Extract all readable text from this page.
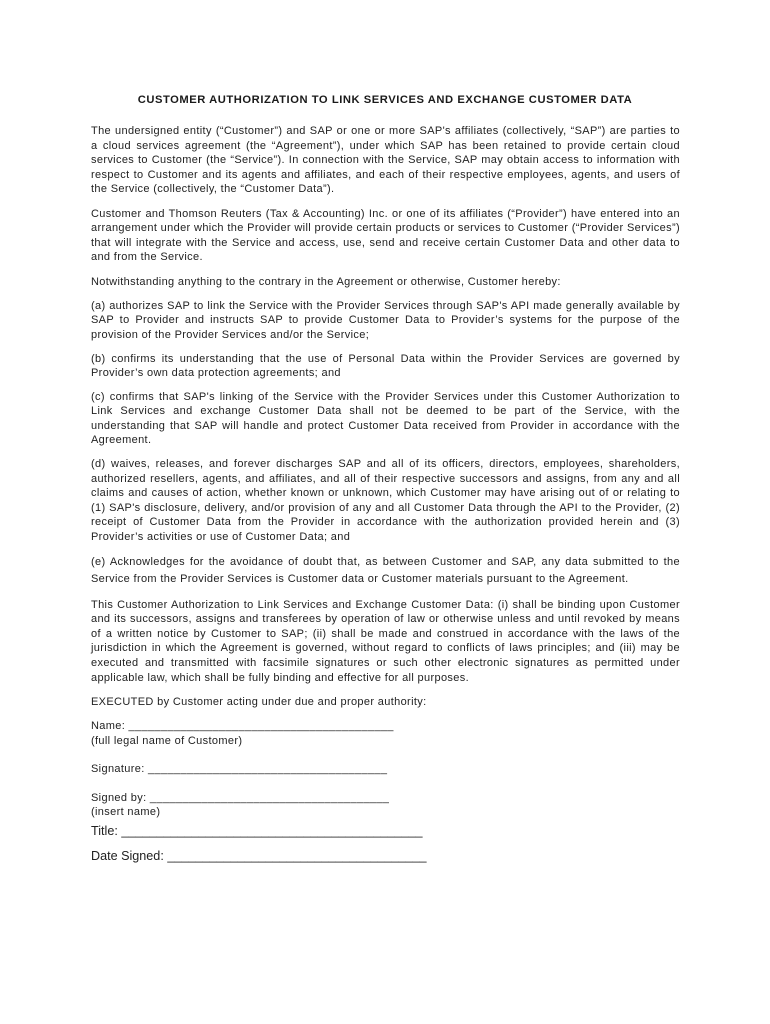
CUSTOMER AUTHORIZATION TO LINK SERVICES AND EXCHANGE CUSTOMER DATA

The undersigned entity (“Customer”) and SAP or one or more SAP's affiliates (collectively, “SAP”) are parties to a cloud services agreement (the “Agreement”), under which SAP has been retained to provide certain cloud services to Customer (the “Service”). In connection with the Service, SAP may obtain access to information with respect to Customer and its agents and affiliates, and each of their respective employees, agents, and users of the Service (collectively, the “Customer Data”).

Customer and Thomson Reuters (Tax & Accounting) Inc. or one of its affiliates (“Provider”) have entered into an arrangement under which the Provider will provide certain products or services to Customer (“Provider Services”) that will integrate with the Service and access, use, send and receive certain Customer Data and other data to and from the Service.

Notwithstanding anything to the contrary in the Agreement or otherwise, Customer hereby:

(a) authorizes SAP to link the Service with the Provider Services through SAP's API made generally available by SAP to Provider and instructs SAP to provide Customer Data to Provider’s systems for the purpose of the provision of the Provider Services and/or the Service;

(b) confirms its understanding that the use of Personal Data within the Provider Services are governed by Provider’s own data protection agreements; and

(c) confirms that SAP's linking of the Service with the Provider Services under this Customer Authorization to Link Services and exchange Customer Data shall not be deemed to be part of the Service, with the understanding that SAP will handle and protect Customer Data received from Provider in accordance with the Agreement.

(d) waives, releases, and forever discharges SAP and all of its officers, directors, employees, shareholders, authorized resellers, agents, and affiliates, and all of their respective successors and assigns, from any and all claims and causes of action, whether known or unknown, which Customer may have arising out of or relating to (1) SAP's disclosure, delivery, and/or provision of any and all Customer Data through the API to the Provider, (2) receipt of Customer Data from the Provider in accordance with the authorization provided herein and (3) Provider’s activities or use of Customer Data; and

(e) Acknowledges for the avoidance of doubt that, as between Customer and SAP, any data submitted to the Service from the Provider Services is Customer data or Customer materials pursuant to the Agreement.

This Customer Authorization to Link Services and Exchange Customer Data: (i) shall be binding upon Customer and its successors, assigns and transferees by operation of law or otherwise unless and until revoked by means of a written notice by Customer to SAP; (ii) shall be made and construed in accordance with the laws of the jurisdiction in which the Agreement is governed, without regard to conflicts of laws principles; and (iii) may be executed and transmitted with facsimile signatures or such other electronic signatures as permitted under applicable law, which shall be fully binding and effective for all purposes.

EXECUTED by Customer acting under due and proper authority:

Name: _________________________________________

(full legal name of Customer)

Signature: _____________________________________

Signed by: _____________________________________

(insert name)

Title: ___________________________________________

Date Signed: _____________________________________
